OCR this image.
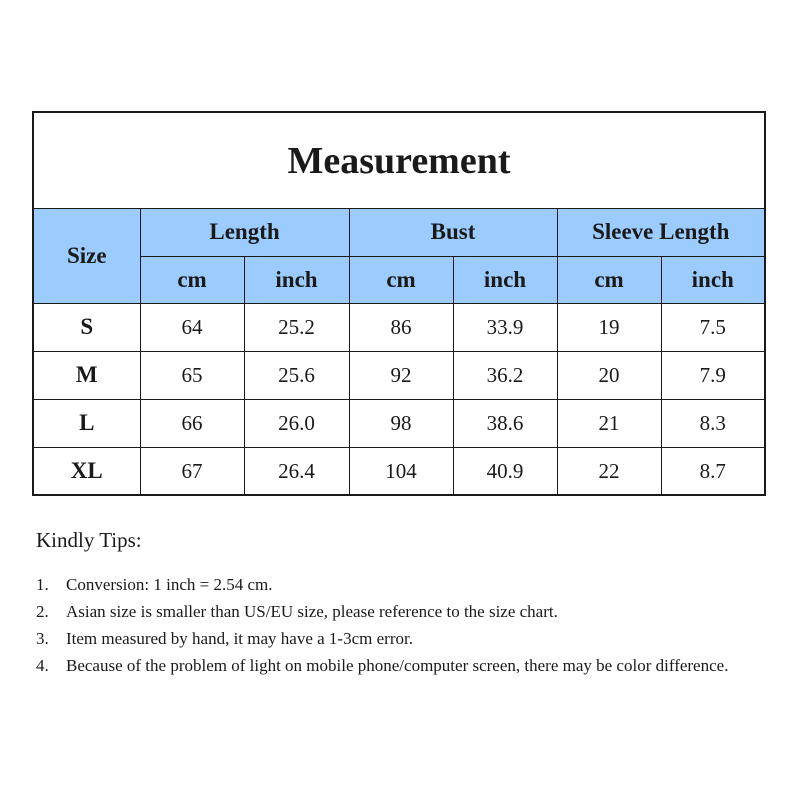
Measurement
Size	Length		Bust		Sleeve Length	
	cm	inch	cm	inch	cm	inch
S	64	25.2	86	33.9	19	7.5
M	65	25.6	92	36.2	20	7.9
L	66	26.0	98	38.6	21	8.3
XL	67	26.4	104	40.9	22	8.7
Kindly Tips:
1.	Conversion: 1 inch = 2.54 cm.
2.	Asian size is smaller than US/EU size, please reference to the size chart.
3.	Item measured by hand, it may have a 1-3cm error.
4.	Because of the problem of light on mobile phone/computer screen, there may be color difference.
